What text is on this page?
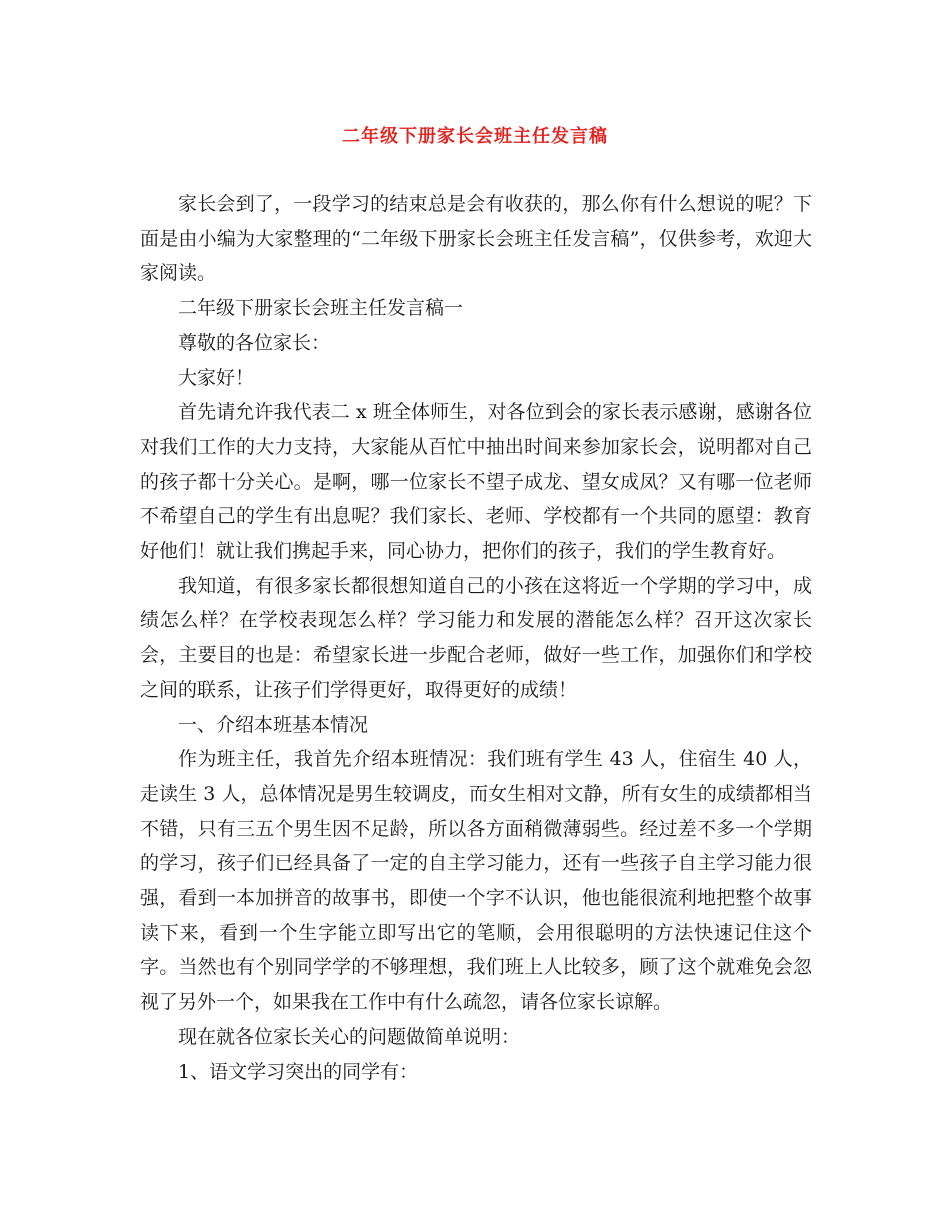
二年级下册家长会班主任发言稿

家长会到了，一段学习的结束总是会有收获的，那么你有什么想说的呢？下面是由小编为大家整理的“二年级下册家长会班主任发言稿”，仅供参考，欢迎大家阅读。

二年级下册家长会班主任发言稿一

尊敬的各位家长：

大家好！

首先请允许我代表二 x 班全体师生，对各位到会的家长表示感谢，感谢各位对我们工作的大力支持，大家能从百忙中抽出时间来参加家长会，说明都对自己的孩子都十分关心。是啊，哪一位家长不望子成龙、望女成凤？又有哪一位老师不希望自己的学生有出息呢？我们家长、老师、学校都有一个共同的愿望：教育好他们！就让我们携起手来，同心协力，把你们的孩子，我们的学生教育好。

我知道，有很多家长都很想知道自己的小孩在这将近一个学期的学习中，成绩怎么样？在学校表现怎么样？学习能力和发展的潜能怎么样？召开这次家长会，主要目的也是：希望家长进一步配合老师，做好一些工作，加强你们和学校之间的联系，让孩子们学得更好，取得更好的成绩！

一、介绍本班基本情况

作为班主任，我首先介绍本班情况：我们班有学生 43 人，住宿生 40 人，走读生 3 人，总体情况是男生较调皮，而女生相对文静，所有女生的成绩都相当不错，只有三五个男生因不足龄，所以各方面稍微薄弱些。经过差不多一个学期的学习，孩子们已经具备了一定的自主学习能力，还有一些孩子自主学习能力很强，看到一本加拼音的故事书，即使一个字不认识，他也能很流利地把整个故事读下来，看到一个生字能立即写出它的笔顺，会用很聪明的方法快速记住这个字。当然也有个别同学学的不够理想，我们班上人比较多，顾了这个就难免会忽视了另外一个，如果我在工作中有什么疏忽，请各位家长谅解。

现在就各位家长关心的问题做简单说明：

1、语文学习突出的同学有：
